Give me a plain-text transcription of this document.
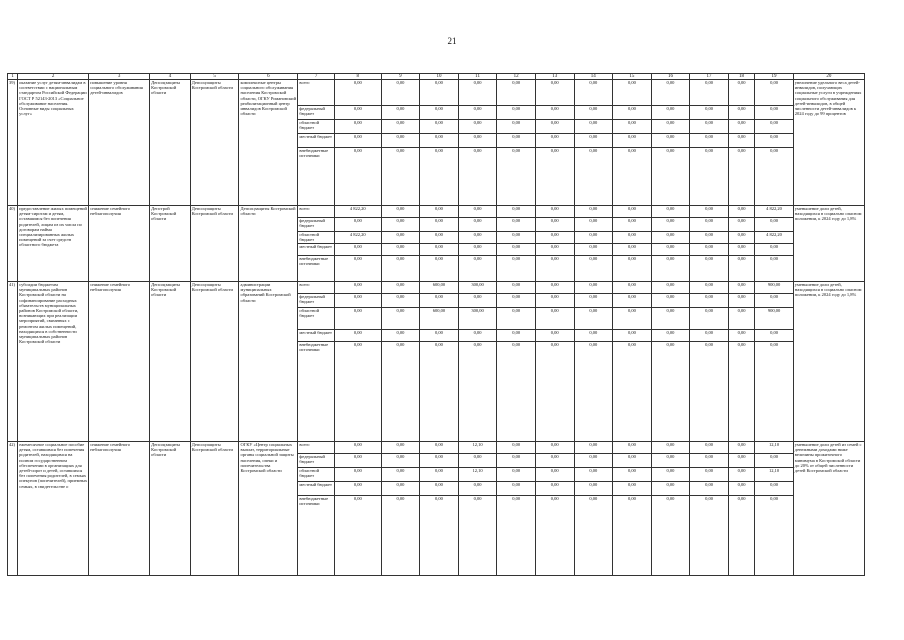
21
1	2	3	4	5	6	7	8	9	10	11	12	13	14	15	16	17	18	19	20
39)	оказание услуг детям-инвалидам в соответствии с национальным стандартом Российской Федерации ГОСТ Р 52143-2013 «Социальное обслуживание населения. Основные виды социальных услуг»	повышение уровня социального обслуживания детей-инвалидов	Депсоцзащиты Костромской области	Депсоцзащиты Костромской области	комплексные центры социального обслуживания населения Костромской области, ОГКУ Романовский реабилитационный центр инвалидов Костромской области	всего	0,00	0,00	0,00	0,00	0,00	0,00	0,00	0,00	0,00	0,00	0,00	0,00	увеличение удельного веса детей-инвалидов, получающих социальные услуги в учреждениях социального обслуживания для детей-инвалидов, в общей численности детей-инвалидов к 2024 году до 99 процентов
						федеральный бюджет	0,00	0,00	0,00	0,00	0,00	0,00	0,00	0,00	0,00	0,00	0,00	0,00	
						областной бюджет	0,00	0,00	0,00	0,00	0,00	0,00	0,00	0,00	0,00	0,00	0,00	0,00	
						местный бюджет	0,00	0,00	0,00	0,00	0,00	0,00	0,00	0,00	0,00	0,00	0,00	0,00	
						внебюджетные источники	0,00	0,00	0,00	0,00	0,00	0,00	0,00	0,00	0,00	0,00	0,00	0,00	
40)	предоставление жилых помещений детям-сиротам и детям, оставшимся без попечения родителей, лицам из их числа по договорам найма специализированных жилых помещений за счет средств областного бюджета	снижение семейного неблагополучия	Депстрой Костромской области	Депсоцзащиты Костромской области	Депсоцзащиты Костромской области	всего	4 822,20	0,00	0,00	0,00	0,00	0,00	0,00	0,00	0,00	0,00	0,00	4 822,20	уменьшение доли детей, находящихся в социально опасном положении, к 2024 году до 1,8%
						федеральный бюджет	0,00	0,00	0,00	0,00	0,00	0,00	0,00	0,00	0,00	0,00	0,00	0,00	
						областной бюджет	4 822,20	0,00	0,00	0,00	0,00	0,00	0,00	0,00	0,00	0,00	0,00	4 822,20	
						местный бюджет	0,00	0,00	0,00	0,00	0,00	0,00	0,00	0,00	0,00	0,00	0,00	0,00	
						внебюджетные источники	0,00	0,00	0,00	0,00	0,00	0,00	0,00	0,00	0,00	0,00	0,00	0,00	
41)	субсидии бюджетам муниципальных районов Костромской области на софинансирование расходных обязательств муниципальных районов Костромской области, возникающих при реализации мероприятий, связанных с ремонтом жилых помещений, находящихся в собственности муниципальных районов Костромской области	снижение семейного неблагополучия	Депсоцзащиты Костромской области	Депсоцзащиты Костромской области	администрации муниципальных образований Костромской области	всего	0,00	0,00	600,00	300,00	0,00	0,00	0,00	0,00	0,00	0,00	0,00	900,00	уменьшение доли детей, находящихся в социально опасном положении, к 2024 году до 1,8%
						федеральный бюджет	0,00	0,00	0,00	0,00	0,00	0,00	0,00	0,00	0,00	0,00	0,00	0,00	
						областной бюджет	0,00	0,00	600,00	300,00	0,00	0,00	0,00	0,00	0,00	0,00	0,00	900,00	
						местный бюджет	0,00	0,00	0,00	0,00	0,00	0,00	0,00	0,00	0,00	0,00	0,00	0,00	
						внебюджетные источники	0,00	0,00	0,00	0,00	0,00	0,00	0,00	0,00	0,00	0,00	0,00	0,00	
42)	ежемесячное социальное пособие детям, оставшимся без попечения родителей, находящимся на полном государственном обеспечении в организациях для детей-сирот и детей, оставшихся без попечения родителей, в семьях опекунов (попечителей), приемных семьях, в свидетельстве о	снижение семейного неблагополучия	Депсоцзащиты Костромской области	Депсоцзащиты Костромской области	ОГКУ «Центр социальных выплат, территориальные органы социальной защиты населения, опеки и попечительства Костромской области	всего	0,00	0,00	0,00	12,10	0,00	0,00	0,00	0,00	0,00	0,00	0,00	12,10	уменьшение доли детей из семей с денежными доходами ниже величины прожиточного минимума в Костромской области до 20% от общей численности детей Костромской области
						федеральный бюджет	0,00	0,00	0,00	0,00	0,00	0,00	0,00	0,00	0,00	0,00	0,00	0,00	
						областной бюджет	0,00	0,00	0,00	12,10	0,00	0,00	0,00	0,00	0,00	0,00	0,00	12,10	
						местный бюджет	0,00	0,00	0,00	0,00	0,00	0,00	0,00	0,00	0,00	0,00	0,00	0,00	
						внебюджетные источники	0,00	0,00	0,00	0,00	0,00	0,00	0,00	0,00	0,00	0,00	0,00	0,00	
